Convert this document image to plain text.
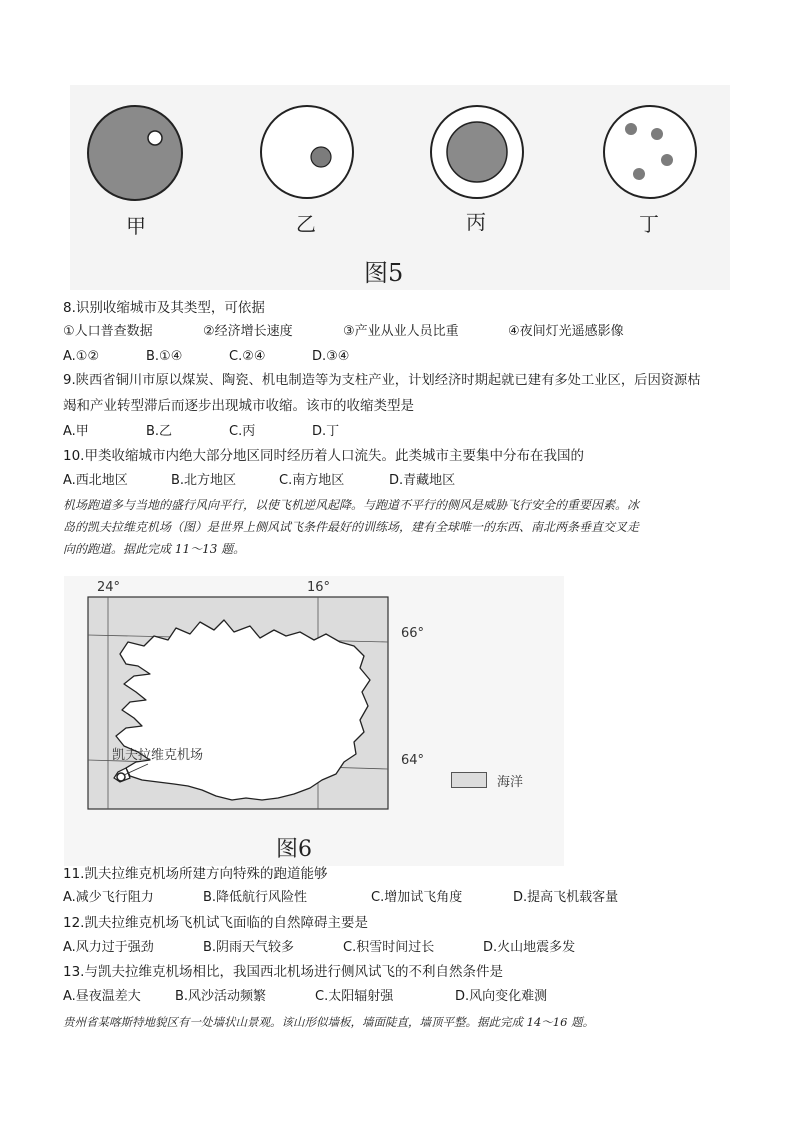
甲	乙	丙	丁
图5
8.识别收缩城市及其类型，可依据
①人口普查数据	②经济增长速度	③产业从业人员比重	④夜间灯光遥感影像
A.①②	B.①④	C.②④	D.③④
9.陕西省铜川市原以煤炭、陶瓷、机电制造等为支柱产业，计划经济时期起就已建有多处工业区，后因资源枯
竭和产业转型滞后而逐步出现城市收缩。该市的收缩类型是
A.甲	B.乙	C.丙	D.丁
10.甲类收缩城市内绝大部分地区同时经历着人口流失。此类城市主要集中分布在我国的
A.西北地区	B.北方地区	C.南方地区	D.青藏地区
机场跑道多与当地的盛行风向平行，以使飞机逆风起降。与跑道不平行的侧风是威胁飞行安全的重要因素。冰
岛的凯夫拉维克机场（图）是世界上侧风试飞条件最好的训练场，建有全球唯一的东西、南北两条垂直交叉走
向的跑道。据此完成 11～13 题。
24°	16°
66°
64°
凯夫拉维克机场
图6
海洋
11.凯夫拉维克机场所建方向特殊的跑道能够
A.减少飞行阻力	B.降低航行风险性	C.增加试飞角度	D.提高飞机载客量
12.凯夫拉维克机场飞机试飞面临的自然障碍主要是
A.风力过于强劲	B.阴雨天气较多	C.积雪时间过长	D.火山地震多发
13.与凯夫拉维克机场相比，我国西北机场进行侧风试飞的不利自然条件是
A.昼夜温差大	B.风沙活动频繁	C.太阳辐射强	D.风向变化难测
贵州省某喀斯特地貌区有一处墙状山景观。该山形似墙板，墙面陡直，墙顶平整。据此完成 14～16 题。
